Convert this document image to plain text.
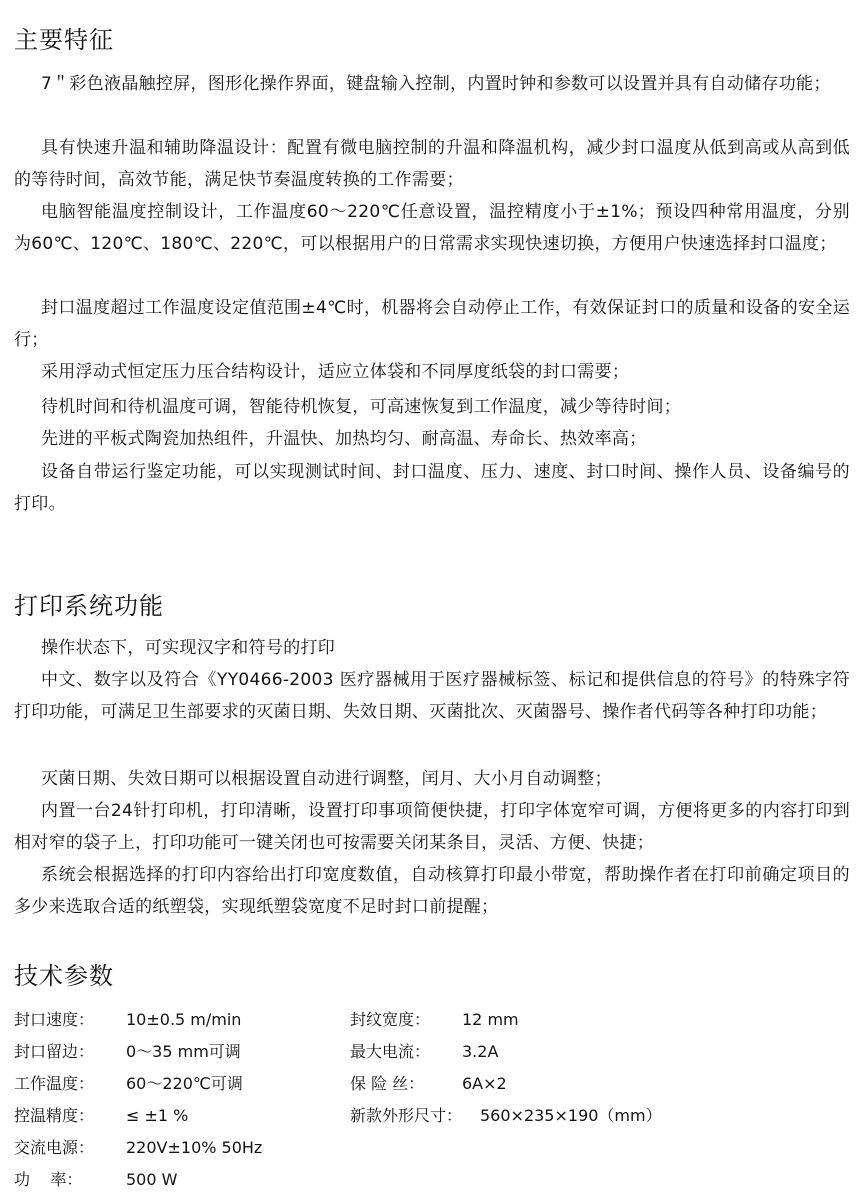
主要特征

7＂彩色液晶触控屏，图形化操作界面，键盘输入控制，内置时钟和参数可以设置并具有自动储存功能；

具有快速升温和辅助降温设计：配置有微电脑控制的升温和降温机构，减少封口温度从低到高或从高到低的等待时间，高效节能，满足快节奏温度转换的工作需要；

电脑智能温度控制设计，工作温度60～220℃任意设置，温控精度小于±1%；预设四种常用温度，分别为60℃、120℃、180℃、220℃，可以根据用户的日常需求实现快速切换，方便用户快速选择封口温度；

封口温度超过工作温度设定值范围±4℃时，机器将会自动停止工作，有效保证封口的质量和设备的安全运行；

采用浮动式恒定压力压合结构设计，适应立体袋和不同厚度纸袋的封口需要；

待机时间和待机温度可调，智能待机恢复，可高速恢复到工作温度，减少等待时间；

先进的平板式陶瓷加热组件，升温快、加热均匀、耐高温、寿命长、热效率高；

设备自带运行鉴定功能，可以实现测试时间、封口温度、压力、速度、封口时间、操作人员、设备编号的打印。

打印系统功能

操作状态下，可实现汉字和符号的打印

中文、数字以及符合《YY0466-2003 医疗器械用于医疗器械标签、标记和提供信息的符号》的特殊字符打印功能，可满足卫生部要求的灭菌日期、失效日期、灭菌批次、灭菌器号、操作者代码等各种打印功能；

灭菌日期、失效日期可以根据设置自动进行调整，闰月、大小月自动调整；

内置一台24针打印机，打印清晰，设置打印事项简便快捷，打印字体宽窄可调，方便将更多的内容打印到相对窄的袋子上，打印功能可一键关闭也可按需要关闭某条目，灵活、方便、快捷；

系统会根据选择的打印内容给出打印宽度数值，自动核算打印最小带宽，帮助操作者在打印前确定项目的多少来选取合适的纸塑袋，实现纸塑袋宽度不足时封口前提醒；

技术参数
封口速度： 10±0.5 m/min	封纹宽度： 12 mm
封口留边： 0～35 mm可调	最大电流： 3.2A
工作温度： 60～220℃可调	保 险 丝： 6A×2
控温精度： ≤ ±1 %	新款外形尺寸： 560×235×190（mm）
交流电源： 220V±10% 50Hz
功    率：	500 W
